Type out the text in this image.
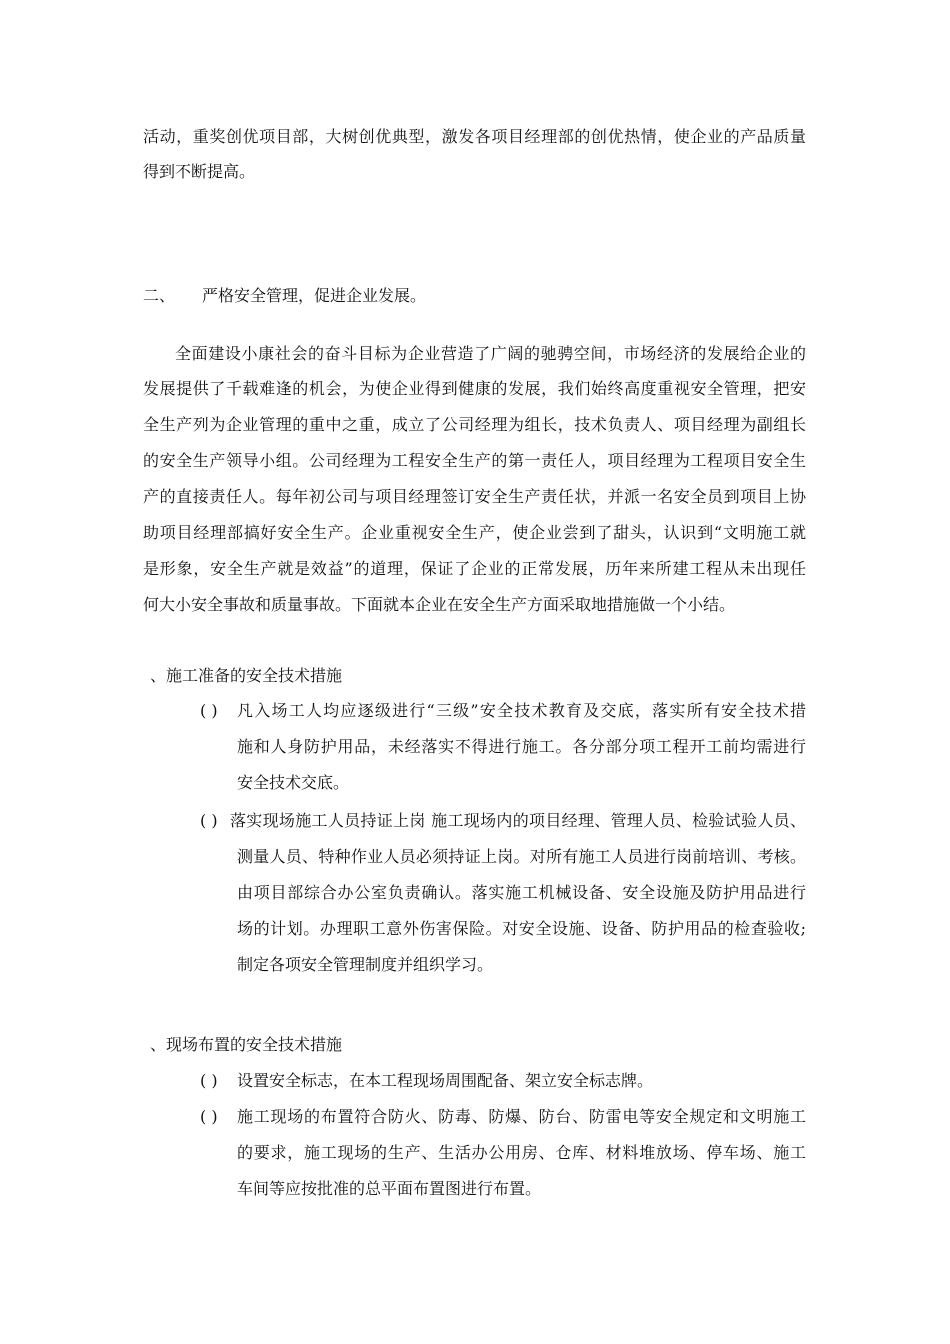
活动，重奖创优项目部，大树创优典型，激发各项目经理部的创优热情，使企业的产品质量
得到不断提高。
二、 严格安全管理，促进企业发展。
全面建设小康社会的奋斗目标为企业营造了广阔的驰骋空间，市场经济的发展给企业的
发展提供了千载难逢的机会，为使企业得到健康的发展，我们始终高度重视安全管理，把安
全生产列为企业管理的重中之重，成立了公司经理为组长，技术负责人、项目经理为副组长
的安全生产领导小组。公司经理为工程安全生产的第一责任人，项目经理为工程项目安全生
产的直接责任人。每年初公司与项目经理签订安全生产责任状，并派一名安全员到项目上协
助项目经理部搞好安全生产。企业重视安全生产，使企业尝到了甜头，认识到“文明施工就
是形象，安全生产就是效益”的道理，保证了企业的正常发展，历年来所建工程从未出现任
何大小安全事故和质量事故。下面就本企业在安全生产方面采取地措施做一个小结。
、施工准备的安全技术措施
( ) 凡入场工人均应逐级进行“三级”安全技术教育及交底，落实所有安全技术措
施和人身防护用品，未经落实不得进行施工。各分部分项工程开工前均需进行
安全技术交底。
( ) 落实现场施工人员持证上岗 施工现场内的项目经理、管理人员、检验试验人员、
测量人员、特种作业人员必须持证上岗。对所有施工人员进行岗前培训、考核。
由项目部综合办公室负责确认。落实施工机械设备、安全设施及防护用品进行
场的计划。办理职工意外伤害保险。对安全设施、设备、防护用品的检查验收;
制定各项安全管理制度并组织学习。
、现场布置的安全技术措施
( ) 设置安全标志，在本工程现场周围配备、架立安全标志牌。
( ) 施工现场的布置符合防火、防毒、防爆、防台、防雷电等安全规定和文明施工
的要求，施工现场的生产、生活办公用房、仓库、材料堆放场、停车场、施工
车间等应按批准的总平面布置图进行布置。
